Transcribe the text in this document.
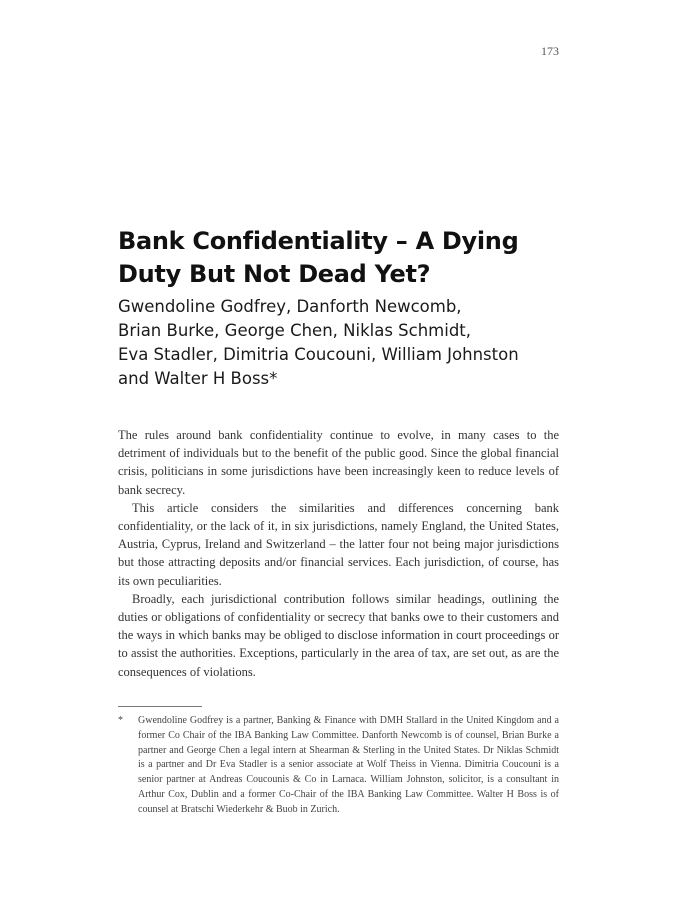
173
Bank Confidentiality – A Dying
Duty But Not Dead Yet?
Gwendoline Godfrey, Danforth Newcomb,
Brian Burke, George Chen, Niklas Schmidt,
Eva Stadler, Dimitria Coucouni, William Johnston
and Walter H Boss*

The rules around bank confidentiality continue to evolve, in many cases to the detriment of individuals but to the benefit of the public good. Since the global financial crisis, politicians in some jurisdictions have been increasingly keen to reduce levels of bank secrecy.

This article considers the similarities and differences concerning bank confidentiality, or the lack of it, in six jurisdictions, namely England, the United States, Austria, Cyprus, Ireland and Switzerland – the latter four not being major jurisdictions but those attracting deposits and/or financial services. Each jurisdiction, of course, has its own peculiarities.

Broadly, each jurisdictional contribution follows similar headings, outlining the duties or obligations of confidentiality or secrecy that banks owe to their customers and the ways in which banks may be obliged to disclose information in court proceedings or to assist the authorities. Exceptions, particularly in the area of tax, are set out, as are the consequences of violations.

* Gwendoline Godfrey is a partner, Banking & Finance with DMH Stallard in the United Kingdom and a former Co Chair of the IBA Banking Law Committee. Danforth Newcomb is of counsel, Brian Burke a partner and George Chen a legal intern at Shearman & Sterling in the United States. Dr Niklas Schmidt is a partner and Dr Eva Stadler is a senior associate at Wolf Theiss in Vienna. Dimitria Coucouni is a senior partner at Andreas Coucounis & Co in Larnaca. William Johnston, solicitor, is a consultant in Arthur Cox, Dublin and a former Co-Chair of the IBA Banking Law Committee. Walter H Boss is of counsel at Bratschi Wiederkehr & Buob in Zurich.
